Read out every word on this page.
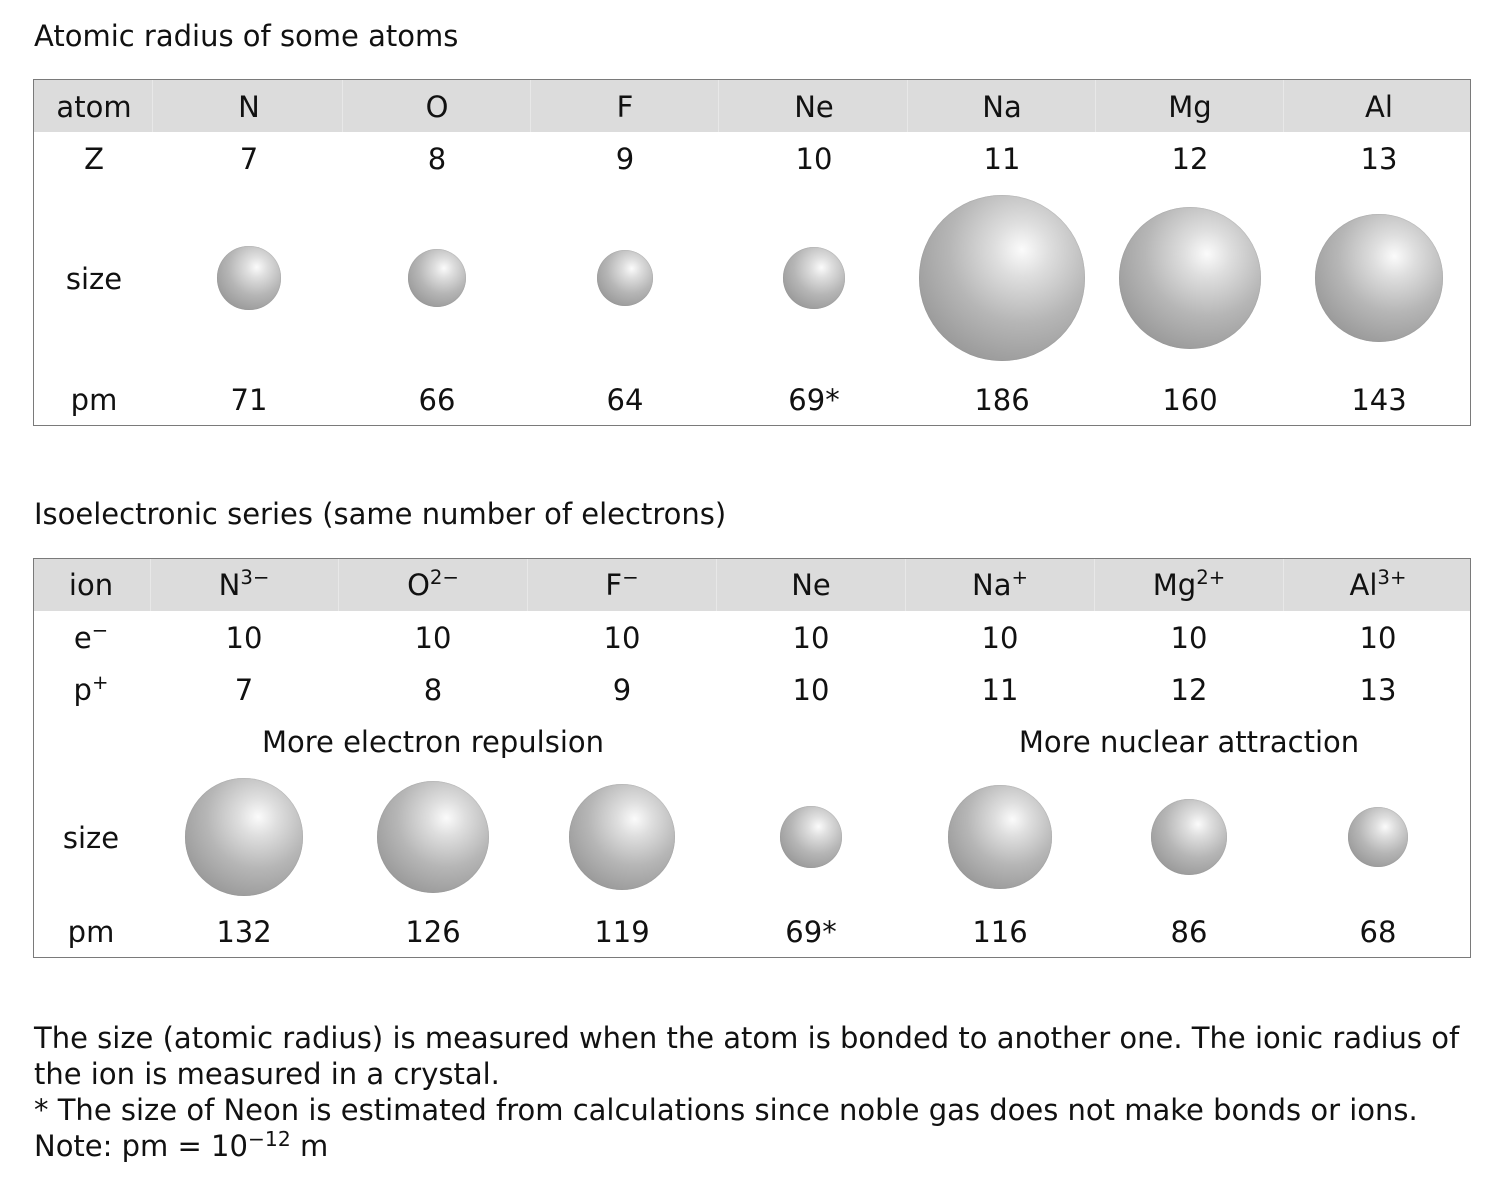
Atomic radius of some atoms
atom
Z
size
pm
N
7
71
O
8
66
F
9
64
Ne
10
69*
Na
11
186
Mg
12
160
Al
13
143
Isoelectronic series (same number of electrons)
ion
e−
p+
size
pm
$N^{3-}$
10
7
132
$O^{2-}$
10
8
126
F−
10
9
119
Ne
10
10
69*
Na+
10
11
116
$Mg^{2+}$
10
12
86
$Al^{3+}$
10
13
68
More electron repulsion	More nuclear attraction

The size (atomic radius) is measured when the atom is bonded to another one. The ionic radius of the ion is measured in a crystal.

* The size of Neon is estimated from calculations since noble gas does not make bonds or ions.

Note: pm = $10^{-12}$ m
